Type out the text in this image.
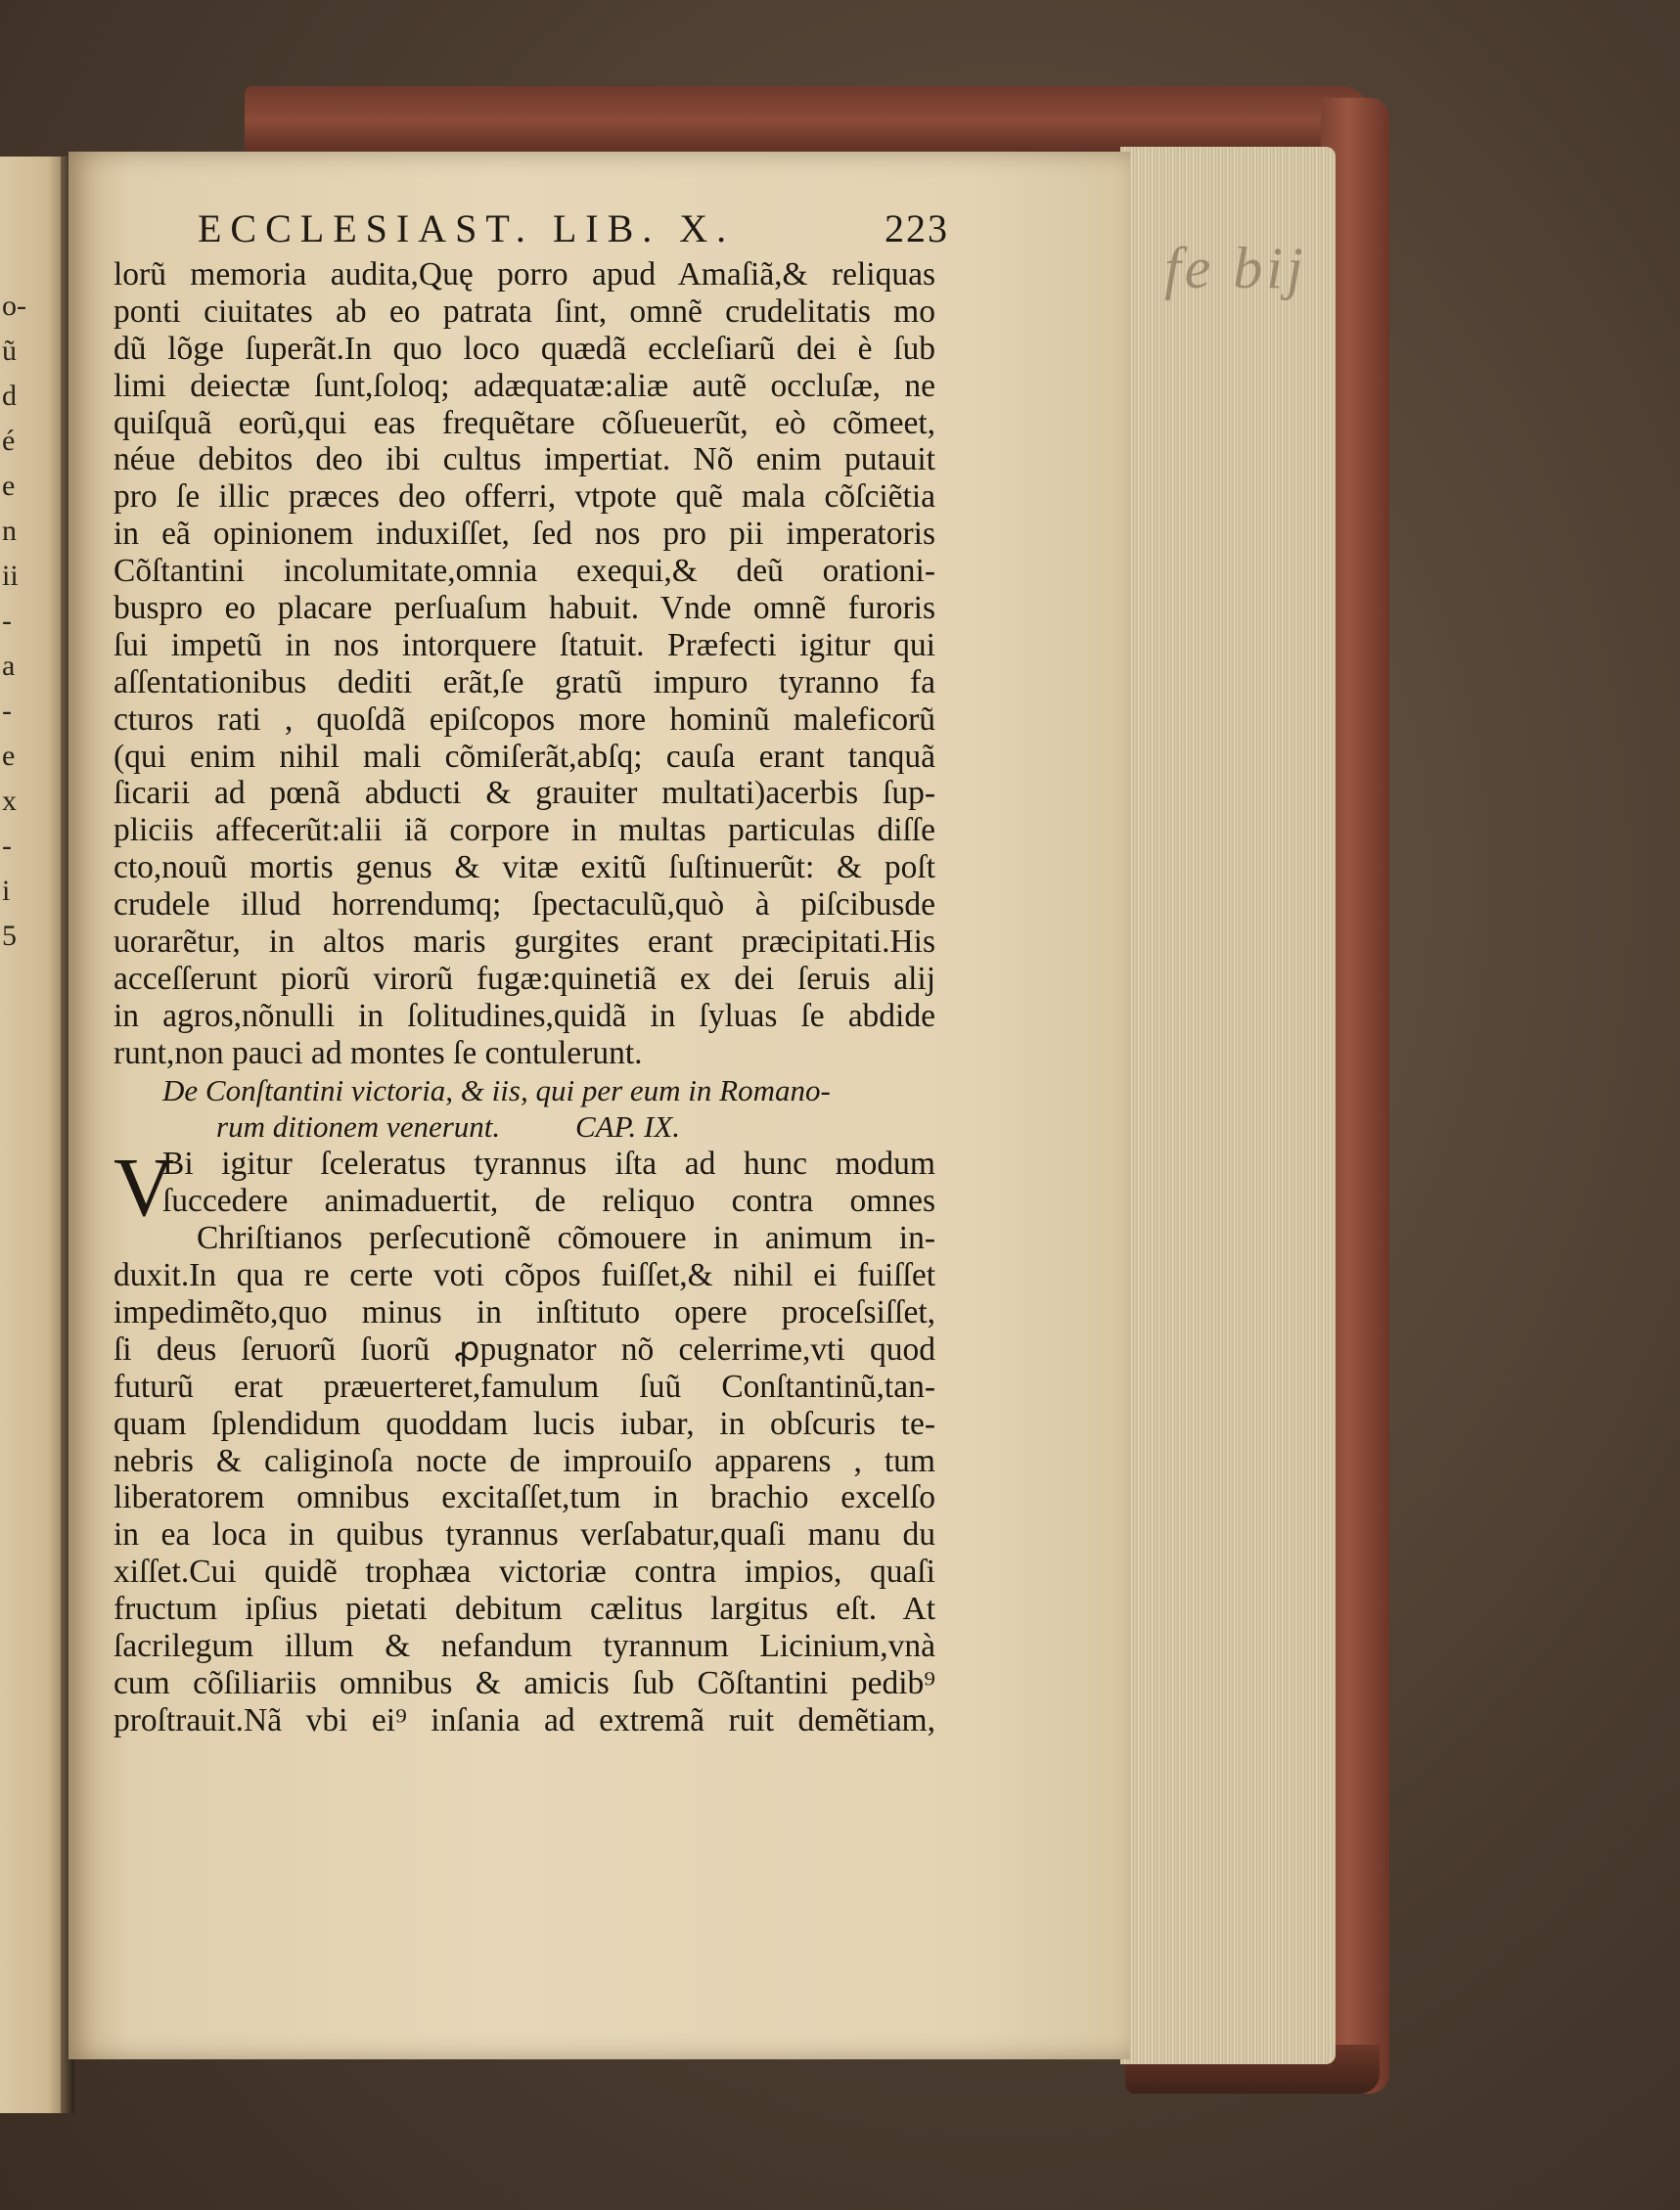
fe bij
o-
ũ
d
é
e
n
ii
-
a
-
e
x
-
i
5
ECCLESIAST. LIB. X.	223
lorũ memoria audita,Quę porro apud Amaſiã,& reliquas
ponti ciuitates ab eo patrata ſint, omnẽ crudelitatis mo
dũ lõge ſuperãt.In quo loco quædã eccleſiarũ dei è ſub
limi deiectæ ſunt,ſoloq; adæquatæ:aliæ autẽ occluſæ, ne
quiſquã eorũ,qui eas frequẽtare cõſueuerũt, eò cõmeet,
néue debitos deo ibi cultus impertiat. Nõ enim putauit
pro ſe illic præces deo offerri, vtpote quẽ mala cõſciẽtia
in eã opinionem induxiſſet, ſed nos pro pii imperatoris
Cõſtantini incolumitate,omnia exequi,& deũ orationi-
buspro eo placare perſuaſum habuit. Vnde omnẽ furoris
ſui impetũ in nos intorquere ſtatuit. Præfecti igitur qui
aſſentationibus dediti erãt,ſe gratũ impuro tyranno fa
cturos rati , quoſdã epiſcopos more hominũ maleficorũ
(qui enim nihil mali cõmiſerãt,abſq; cauſa erant tanquã
ſicarii ad pœnã abducti & grauiter multati)acerbis ſup-
pliciis affecerũt:alii iã corpore in multas particulas diſſe
cto,nouũ mortis genus & vitæ exitũ ſuſtinuerũt: & poſt
crudele illud horrendumq; ſpectaculũ,quò à piſcibusde
uorarẽtur, in altos maris gurgites erant præcipitati.His
acceſſerunt piorũ virorũ fugæ:quinetiã ex dei ſeruis alij
in agros,nõnulli in ſolitudines,quidã in ſyluas ſe abdide
runt,non pauci ad montes ſe contulerunt.
De Conſtantini victoria, & iis, qui per eum in Romano-
rum ditionem venerunt. CAP. IX.
V
Bi igitur ſceleratus tyrannus iſta ad hunc modum
ſuccedere animaduertit, de reliquo contra omnes
Chriſtianos perſecutionẽ cõmouere in animum in-
duxit.In qua re certe voti cõpos fuiſſet,& nihil ei fuiſſet
impedimẽto,quo minus in inſtituto opere proceſsiſſet,
ſi deus ſeruorũ ſuorũ ꝓpugnator nõ celerrime,vti quod
futurũ erat præuerteret,famulum ſuũ Conſtantinũ,tan-
quam ſplendidum quoddam lucis iubar, in obſcuris te-
nebris & caliginoſa nocte de improuiſo apparens , tum
liberatorem omnibus excitaſſet,tum in brachio excelſo
in ea loca in quibus tyrannus verſabatur,quaſi manu du
xiſſet.Cui quidẽ trophæa victoriæ contra impios, quaſi
fructum ipſius pietati debitum cælitus largitus eſt. At
ſacrilegum illum & nefandum tyrannum Licinium,vnà
cum cõſiliariis omnibus & amicis ſub Cõſtantini pedib⁹
proſtrauit.Nã vbi ei⁹ inſania ad extremã ruit demẽtiam,
